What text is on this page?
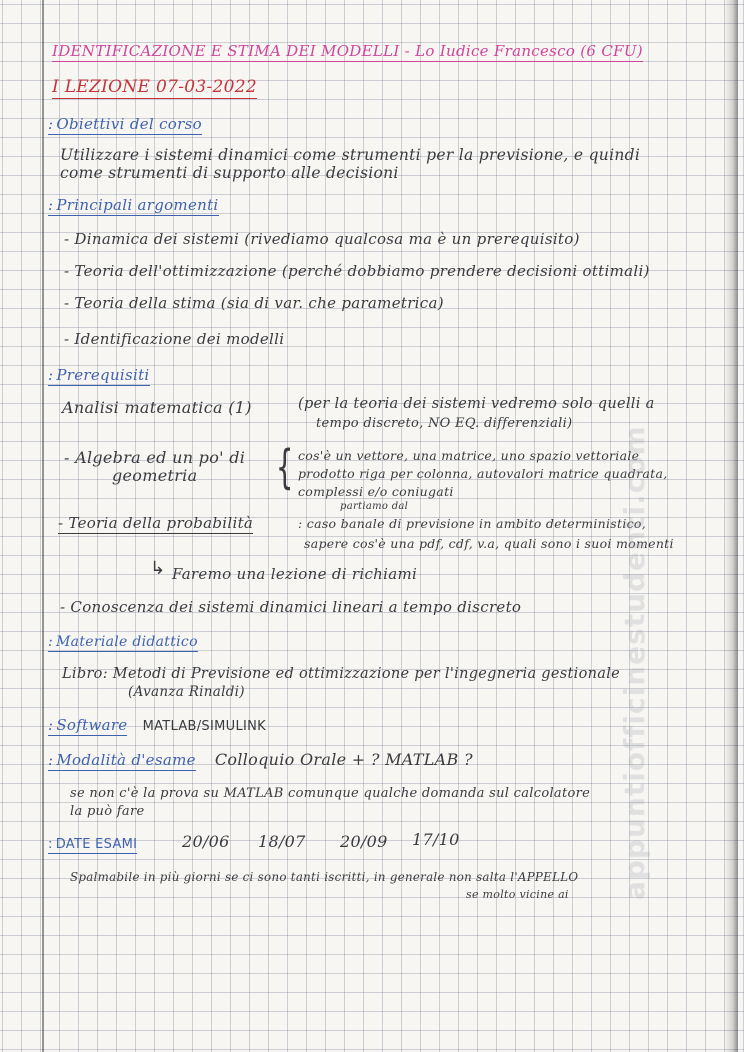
IDENTIFICAZIONE E STIMA DEI MODELLI - Lo Iudice Francesco (6 CFU)
I LEZIONE 07-03-2022
: Obiettivi del corso
Utilizzare i sistemi dinamici come strumenti per la previsione, e quindi
come strumenti di supporto alle decisioni
: Principali argomenti
- Dinamica dei sistemi (rivediamo qualcosa ma è un prerequisito)
- Teoria dell'ottimizzazione (perché dobbiamo prendere decisioni ottimali)
- Teoria della stima (sia di var. che parametrica)
- Identificazione dei modelli
: Prerequisiti
Analisi matematica (1)	(per la teoria dei sistemi vedremo solo quelli a
tempo discreto, NO EQ. differenziali)
- Algebra ed un po' di
geometria { cos'è un vettore, una matrice, uno spazio vettoriale
prodotto riga per colonna, autovalori matrice quadrata,
complessi e/o coniugati
partiamo dal
- Teoria della probabilità	: caso banale di previsione in ambito deterministico,
sapere cos'è una pdf, cdf, v.a, quali sono i suoi momenti
↳ Faremo una lezione di richiami
- Conoscenza dei sistemi dinamici lineari a tempo discreto
: Materiale didattico
Libro: Metodi di Previsione ed ottimizzazione per l'ingegneria gestionale
(Avanza Rinaldi)
: Software MATLAB/SIMULINK
: Modalità d'esame Colloquio Orale + ? MATLAB ?
se non c'è la prova su MATLAB comunque qualche domanda sul calcolatore
la può fare
: DATE ESAMI	20/06 18/07 20/09 17/10
Spalmabile in più giorni se ci sono tanti iscritti, in generale non salta l'APPELLO
se molto vicine ai appuntiofficinestudenti.com
